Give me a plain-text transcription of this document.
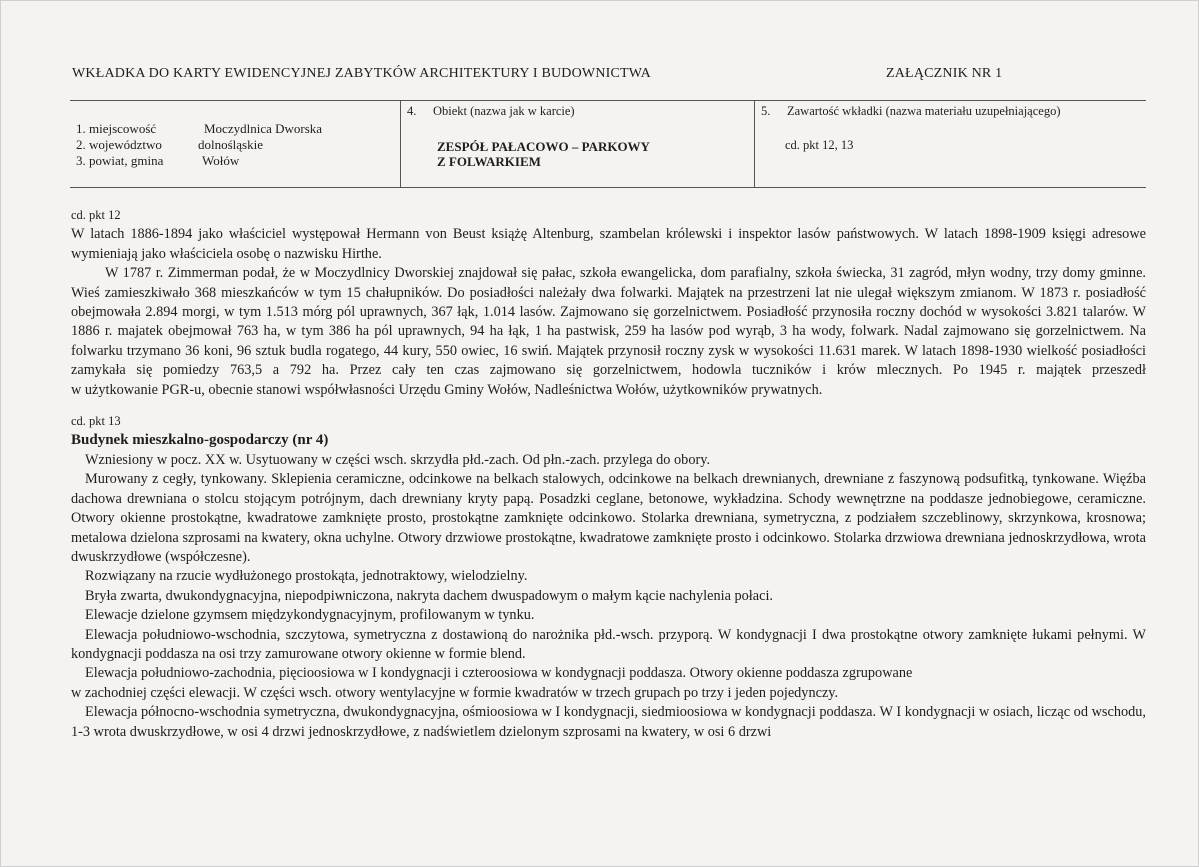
WKŁADKA DO KARTY EWIDENCYJNEJ ZABYTKÓW ARCHITEKTURY I BUDOWNICTWA	ZAŁĄCZNIK NR 1
1. miejscowość	Moczydlnica Dworska
2. województwo	dolnośląskie
3. powiat, gmina	Wołów
4. Obiekt (nazwa jak w karcie)
ZESPÓŁ PAŁACOWO – PARKOWY
Z FOLWARKIEM
5. Zawartość wkładki (nazwa materiału uzupełniającego)
cd. pkt 12, 13

cd. pkt 12

W latach 1886-1894 jako właściciel występował Hermann von Beust książę Altenburg, szambelan królewski i inspektor lasów państwowych. W latach 1898-1909 księgi adresowe wymieniają jako właściciela osobę o nazwisku Hirthe.

W 1787 r. Zimmerman podał, że w Moczydlnicy Dworskiej znajdował się pałac, szkoła ewangelicka, dom parafialny, szkoła świecka, 31 zagród, młyn wodny, trzy domy gminne. Wieś zamieszkiwało 368 mieszkańców w tym 15 chałupników. Do posiadłości należały dwa folwarki. Majątek na przestrzeni lat nie ulegał większym zmianom. W 1873 r. posiadłość obejmowała 2.894 morgi, w tym 1.513 mórg pól uprawnych, 367 łąk, 1.014 lasów. Zajmowano się gorzelnictwem. Posiadłość przynosiła roczny dochód w wysokości 3.821 talarów. W 1886 r. majatek obejmował 763 ha, w tym 386 ha pól uprawnych, 94 ha łąk, 1 ha pastwisk, 259 ha lasów pod wyrąb, 3 ha wody, folwark. Nadal zajmowano się gorzelnictwem. Na folwarku trzymano 36 koni, 96 sztuk budla rogatego, 44 kury, 550 owiec, 16 swiń. Majątek przynosił roczny zysk w wysokości 11.631 marek. W latach 1898-1930 wielkość posiadłości zamykała się pomiedzy 763,5 a 792 ha. Przez cały ten czas zajmowano się gorzelnictwem, hodowla tuczników i krów mlecznych. Po 1945 r. majątek przeszedł

w użytkowanie PGR-u, obecnie stanowi współwłasności Urzędu Gminy Wołów, Nadleśnictwa Wołów, użytkowników prywatnych.

cd. pkt 13

Budynek mieszkalno-gospodarczy (nr 4)

Wzniesiony w pocz. XX w. Usytuowany w części wsch. skrzydła płd.-zach. Od płn.-zach. przylega do obory.

Murowany z cegły, tynkowany. Sklepienia ceramiczne, odcinkowe na belkach stalowych, odcinkowe na belkach drewnianych, drewniane z faszynową podsufitką, tynkowane. Więźba dachowa drewniana o stolcu stojącym potrójnym, dach drewniany kryty papą. Posadzki ceglane, betonowe, wykładzina. Schody wewnętrzne na poddasze jednobiegowe, ceramiczne. Otwory okienne prostokątne, kwadratowe zamknięte prosto, prostokątne zamknięte odcinkowo. Stolarka drewniana, symetryczna, z podziałem szczeblinowy, skrzynkowa, krosnowa; metalowa dzielona szprosami na kwatery, okna uchylne. Otwory drzwiowe prostokątne, kwadratowe zamknięte prosto i odcinkowo. Stolarka drzwiowa drewniana jednoskrzydłowa, wrota dwuskrzydłowe (współczesne).

Rozwiązany na rzucie wydłużonego prostokąta, jednotraktowy, wielodzielny.

Bryła zwarta, dwukondygnacyjna, niepodpiwniczona, nakryta dachem dwuspadowym o małym kącie nachylenia połaci.

Elewacje dzielone gzymsem międzykondygnacyjnym, profilowanym w tynku.

Elewacja południowo-wschodnia, szczytowa, symetryczna z dostawioną do narożnika płd.-wsch. przyporą. W kondygnacji I dwa prostokątne otwory zamknięte łukami pełnymi. W kondygnacji poddasza na osi trzy zamurowane otwory okienne w formie blend.

Elewacja południowo-zachodnia, pięcioosiowa w I kondygnacji i czteroosiowa w kondygnacji poddasza. Otwory okienne poddasza zgrupowane

w zachodniej części elewacji. W części wsch. otwory wentylacyjne w formie kwadratów w trzech grupach po trzy i jeden pojedynczy.

Elewacja północno-wschodnia symetryczna, dwukondygnacyjna, ośmioosiowa w I kondygnacji, siedmioosiowa w kondygnacji poddasza. W I kondygnacji w osiach, licząc od wschodu, 1-3 wrota dwuskrzydłowe, w osi 4 drzwi jednoskrzydłowe, z nadświetlem dzielonym szprosami na kwatery, w osi 6 drzwi
